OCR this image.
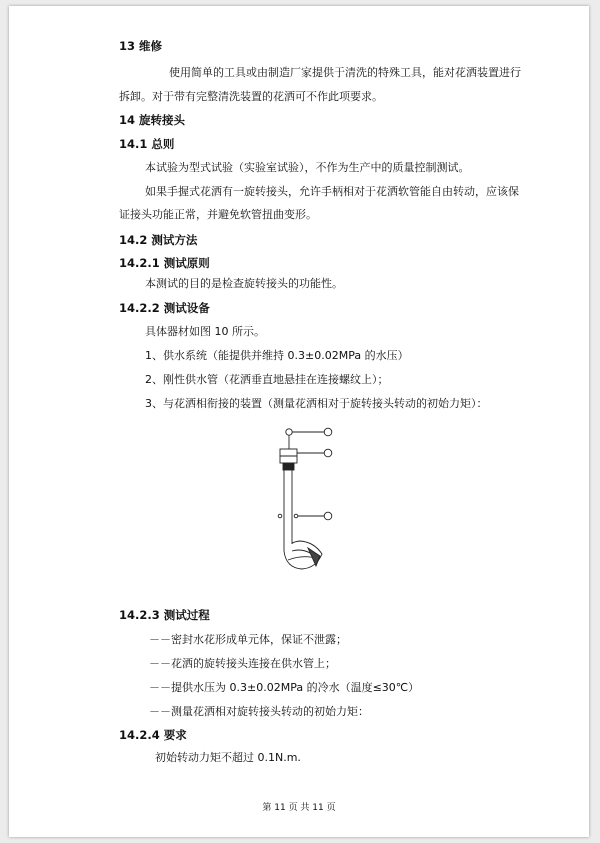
13 维修
使用简单的工具或由制造厂家提供于清洗的特殊工具，能对花洒装置进行
拆卸。对于带有完整清洗装置的花洒可不作此项要求。
14 旋转接头
14.1 总则
本试验为型式试验（实验室试验），不作为生产中的质量控制测试。
如果手握式花洒有一旋转接头，允许手柄相对于花洒软管能自由转动，应该保
证接头功能正常，并避免软管扭曲变形。
14.2 测试方法
14.2.1 测试原则
本测试的目的是检查旋转接头的功能性。
14.2.2 测试设备
具体器材如图 10 所示。
1、供水系统（能提供并维持 0.3±0.02MPa 的水压）
2、刚性供水管（花洒垂直地悬挂在连接螺纹上）；
3、与花洒相衔接的装置（测量花洒相对于旋转接头转动的初始力矩）：
14.2.3 测试过程
－－密封水花形成单元体，保证不泄露；
－－花洒的旋转接头连接在供水管上；
－－提供水压为 0.3±0.02MPa 的冷水（温度≤30℃）
－－测量花洒相对旋转接头转动的初始力矩：
14.2.4 要求
初始转动力矩不超过 0.1N.m.
第 11 页 共 11 页
